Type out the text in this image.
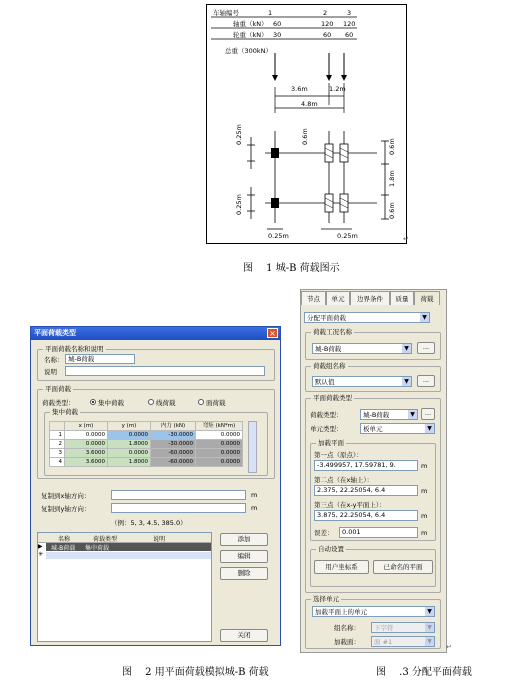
车轴编号	1	2	3
轴重（kN） 60	120 120
轮重（kN） 30	60 60
总重（300kN）
3.6m	1.2m
4.8m
0.25m
0.25m
0.6m
0.6m
1.8m
0.6m
0.25m	0.25m	↵
图　 1 城-B 荷载图示
平面荷载类型	×
平面荷载名称和说明
名称： 城-B荷载
说明
平面荷载
荷载类型：	集中荷载	线荷载	面荷载
集中荷载
	x (m)	y (m)	内力 (kN)	弯矩 (kN*m)
1	0.0000	0.0000	-30.0000	0.0000
2	0.0000	1.8000	-30.0000	0.0000
3	3.6000	0.0000	-60.0000	0.0000
4	3.6000	1.8000	-60.0000	0.0000
复制到x轴方向：	m
复制到y轴方向：	m
（例：5, 3, 4.5, 385.0）
名称	荷载类型	说明
城-B荷载 集中荷载
▶
✳
添加
编辑
删除
关闭
节点	单元	边界条件	质量	荷载
分配平面荷载	▼
荷载工况名称
城-B荷载	▼	...
荷载组名称
默认值	▼	...
平面荷载类型
荷载类型：	城-B荷载	▼	...
单元类型：	板单元	▼
加载平面
第一点（原点）：
-3.499957, 17.59781, 9.	m
第二点（在x轴上）：
2.375, 22.25054, 6.4	m
第三点（在x-y平面上）：
3.875, 22.25054, 6.4	m
误差：	0.001	m
自动设置
用户坐标系	已命名的平面
选择单元
加载平面上的单元	▼
组名称：	下字符	▼
加载面：	面 #1	▼
↵
图　 2 用平面荷载模拟城-B 荷载	图　 .3 分配平面荷载
